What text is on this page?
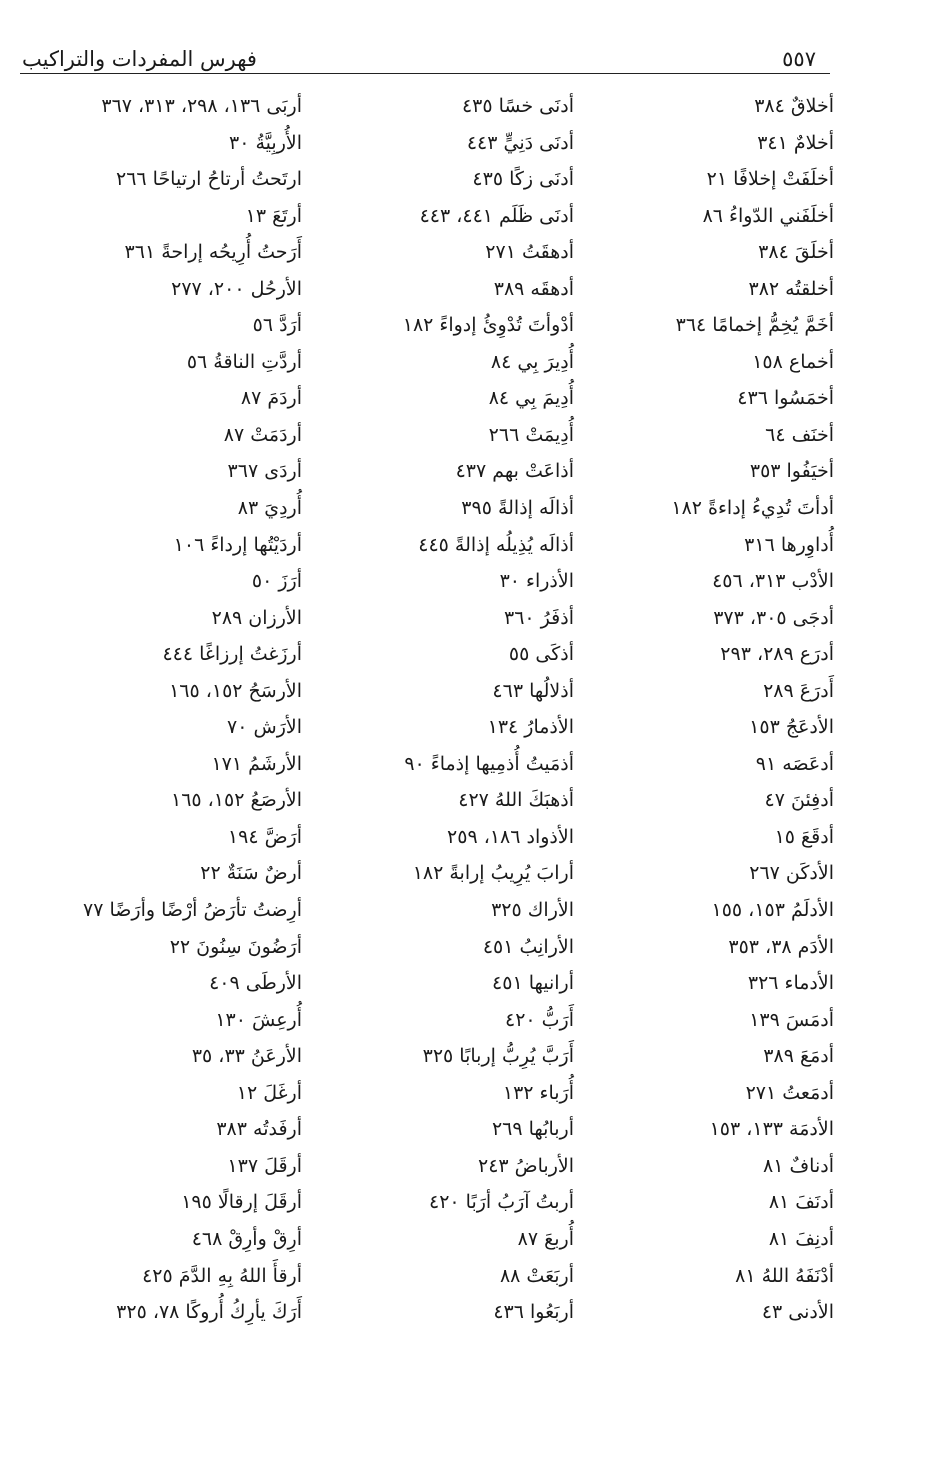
٥٥٧
فهرس المفردات والتراكيب
أخلاقٌ ٣٨٤
أخلامٌ ٣٤١
أخلَفَتْ إخلافًا ٢١
أخلَفَني الدّواءُ ٨٦
أخلَقَ ٣٨٤
أخلقتُه ٣٨٢
أخَمَّ يُخِمُّ إخمامًا ٣٦٤
أخماع ١٥٨
أخمَسُوا ٤٣٦
أخنَف ٦٤
أخيَفُوا ٣٥٣
أدأتَ تُدِيءُ إداءةً ١٨٢
أُداوِرها ٣١٦
الأدْب ٣١٣، ٤٥٦
أدجَى ٣٠٥، ٣٧٣
أدرَع ٢٨٩، ٢٩٣
أَدرَعَ ٢٨٩
الأدعَجُ ١٥٣
أدعَصَه ٩١
أدفِئنَ ٤٧
أدقَعَ ١٥
الأدكَن ٢٦٧
الأدلَمُ ١٥٣، ١٥٥
الأدَم ٣٨، ٣٥٣
الأدماء ٣٢٦
أدمَسَ ١٣٩
أدمَعَ ٣٨٩
أدمَعتُ ٢٧١
الأدمَة ١٣٣، ١٥٣
أدنافٌ ٨١
أدنَفَ ٨١
أدنِفَ ٨١
أدْنَفَهُ اللهُ ٨١
الأدنى ٤٣
أدنَى خسًا ٤٣٥
أدنَى دَنِيٍّ ٤٤٣
أدنَى زكًا ٤٣٥
أدنَى ظَلَم ٤٤١، ٤٤٣
أدهقَتُ ٢٧١
أدهقَه ٣٨٩
أدْوأتَ تُدْوِئُ إدواءً ١٨٢
أُدِيرَ بِي ٨٤
أُدِيمَ بِي ٨٤
أُدِيمَتْ ٢٦٦
أذاعَتْ بهم ٤٣٧
أذالَه إذالةً ٣٩٥
أذالَه يُذِيلُه إذالةً ٤٤٥
الأذراء ٣٠
أذفَرُ ٣٦٠
أذكَى ٥٥
أذلالُها ٤٦٣
الأذمارُ ١٣٤
أذمَيتُ أُذمِيها إذماءً ٩٠
أذهبَكَ اللهُ ٤٢٧
الأذواد ١٨٦، ٢٥٩
أرابَ يُرِيبُ إرابةً ١٨٢
الأراك ٣٢٥
الأرانِبُ ٤٥١
أرانيها ٤٥١
أَرَبُّ ٤٢٠
أَرَبَّ يُرِبُّ إربابًا ٣٢٥
أُرَباء ١٣٢
أربابُها ٢٦٩
الأرباضُ ٢٤٣
أربتُ آرَبُ أرَبًا ٤٢٠
أُربعَ ٨٧
أربَعَتْ ٨٨
أربَعُوا ٤٣٦
أربَى ١٣٦، ٢٩٨، ٣١٣، ٣٦٧
الأُربِيَّةُ ٣٠
ارتَحتُ أرتاحُ ارتياحًا ٢٦٦
أرتَعَ ١٣
أَرَحتُ أُرِيحُه إراحةً ٣٦١
الأرحُل ٢٠٠، ٢٧٧
أرَدَّ ٥٦
أردَّتِ الناقةُ ٥٦
أردَمَ ٨٧
أردَمَتْ ٨٧
أردَى ٣٦٧
أُردِيَ ٨٣
أردَيْتُها إرداءً ١٠٦
أرَزَ ٥٠
الأرزان ٢٨٩
أرزَغتُ إرزاغًا ٤٤٤
الأرسَحُ ١٥٢، ١٦٥
الأرَش ٧٠
الأرشَمُ ١٧١
الأرصَعُ ١٥٢، ١٦٥
أرَضَّ ١٩٤
أرضٌ سَنَةٌ ٢٢
أرِضتُ تأرَضُ أرْضًا وأرَضًا ٧٧
أرَضُونَ سِنُونَ ٢٢
الأرطَى ٤٠٩
أُرعِشَ ١٣٠
الأرعَنُ ٣٣، ٣٥
أرغَلَ ١٢
أرفَدتُه ٣٨٣
أرقَلَ ١٣٧
أرقَلَ إرقالًا ١٩٥
أرِقْ وأرِقْ ٤٦٨
أرقأَ اللهُ بِهِ الدَّمَ ٤٢٥
أَرَكَ يأرِكُ أُروكًا ٧٨، ٣٢٥
